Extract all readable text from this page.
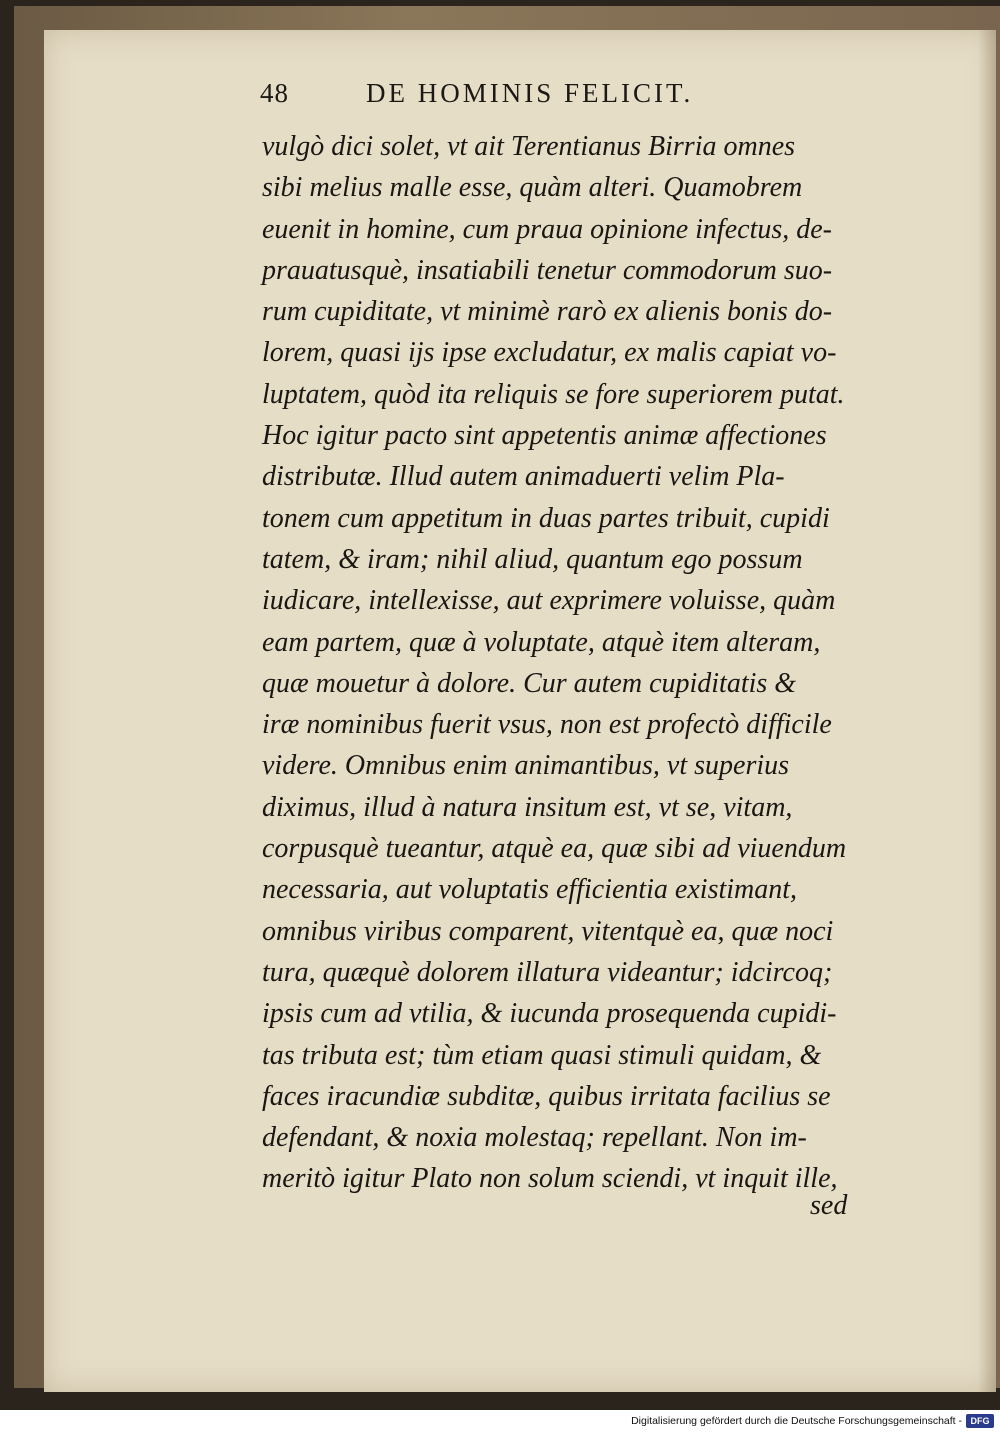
48	DE HOMINIS FELICIT.
vulgò dici solet, vt ait Terentianus Birria omnes
sibi melius malle esse, quàm alteri. Quamobrem
euenit in homine, cum praua opinione infectus, de-
prauatusquè, insatiabili tenetur commodorum suo-
rum cupiditate, vt minimè rarò ex alienis bonis do-
lorem, quasi ijs ipse excludatur, ex malis capiat vo-
luptatem, quòd ita reliquis se fore superiorem putat.
Hoc igitur pacto sint appetentis animæ affectiones
distributæ. Illud autem animaduerti velim Pla-
tonem cum appetitum in duas partes tribuit, cupidi
tatem, & iram; nihil aliud, quantum ego possum
iudicare, intellexisse, aut exprimere voluisse, quàm
eam partem, quæ à voluptate, atquè item alteram,
quæ mouetur à dolore. Cur autem cupiditatis &
iræ nominibus fuerit vsus, non est profectò difficile
videre. Omnibus enim animantibus, vt superius
diximus, illud à natura insitum est, vt se, vitam,
corpusquè tueantur, atquè ea, quæ sibi ad viuendum
necessaria, aut voluptatis efficientia existimant,
omnibus viribus comparent, vitentquè ea, quæ noci
tura, quæquè dolorem illatura videantur; idcircoq;
ipsis cum ad vtilia, & iucunda prosequenda cupidi-
tas tributa est; tùm etiam quasi stimuli quidam, &
faces iracundiæ subditæ, quibus irritata facilius se
defendant, & noxia molestaq; repellant. Non im-
meritò igitur Plato non solum sciendi, vt inquit ille,
sed
Digitalisierung gefördert durch die Deutsche Forschungsgemeinschaft - DFG
